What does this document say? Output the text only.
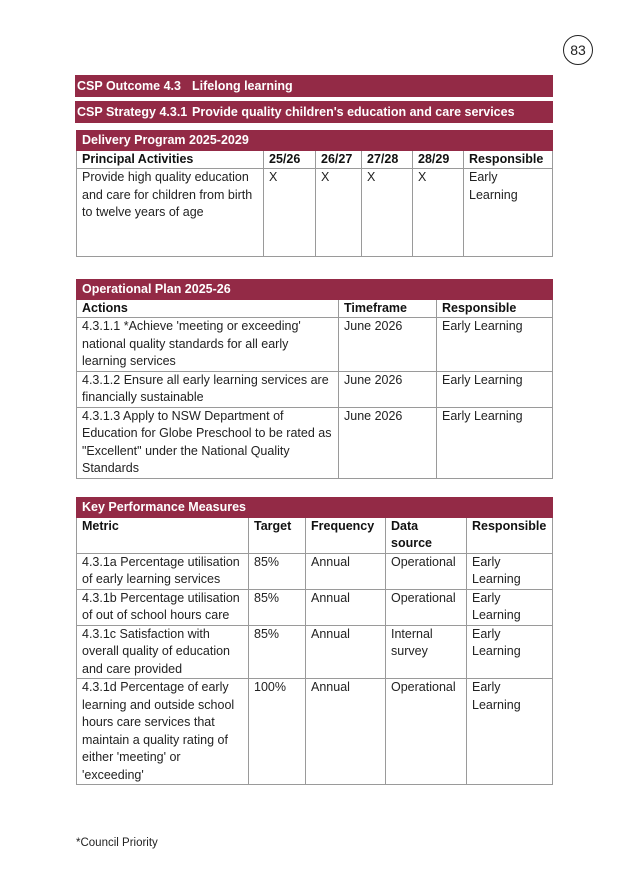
83
CSP Outcome 4.3 Lifelong learning
CSP Strategy 4.3.1 Provide quality children's education and care services
Delivery Program 2025-2029					
Principal Activities	25/26	26/27	27/28	28/29	Responsible
Provide high quality education and care for children from birth to twelve years of age	X	X	X	X	Early Learning
Operational Plan 2025-26		
Actions	Timeframe	Responsible
4.3.1.1 *Achieve 'meeting or exceeding' national quality standards for all early learning services	June 2026	Early Learning
4.3.1.2 Ensure all early learning services are financially sustainable	June 2026	Early Learning
4.3.1.3 Apply to NSW Department of Education for Globe Preschool to be rated as "Excellent" under the National Quality Standards	June 2026	Early Learning
Key Performance Measures				
Metric	Target	Frequency	Data source	Responsible
4.3.1a Percentage utilisation of early learning services	85%	Annual	Operational	Early Learning
4.3.1b Percentage utilisation of out of school hours care	85%	Annual	Operational	Early Learning
4.3.1c Satisfaction with overall quality of education and care provided	85%	Annual	Internal survey	Early Learning
4.3.1d Percentage of early learning and outside school hours care services that maintain a quality rating of either 'meeting' or 'exceeding'	100%	Annual	Operational	Early Learning
*Council Priority
